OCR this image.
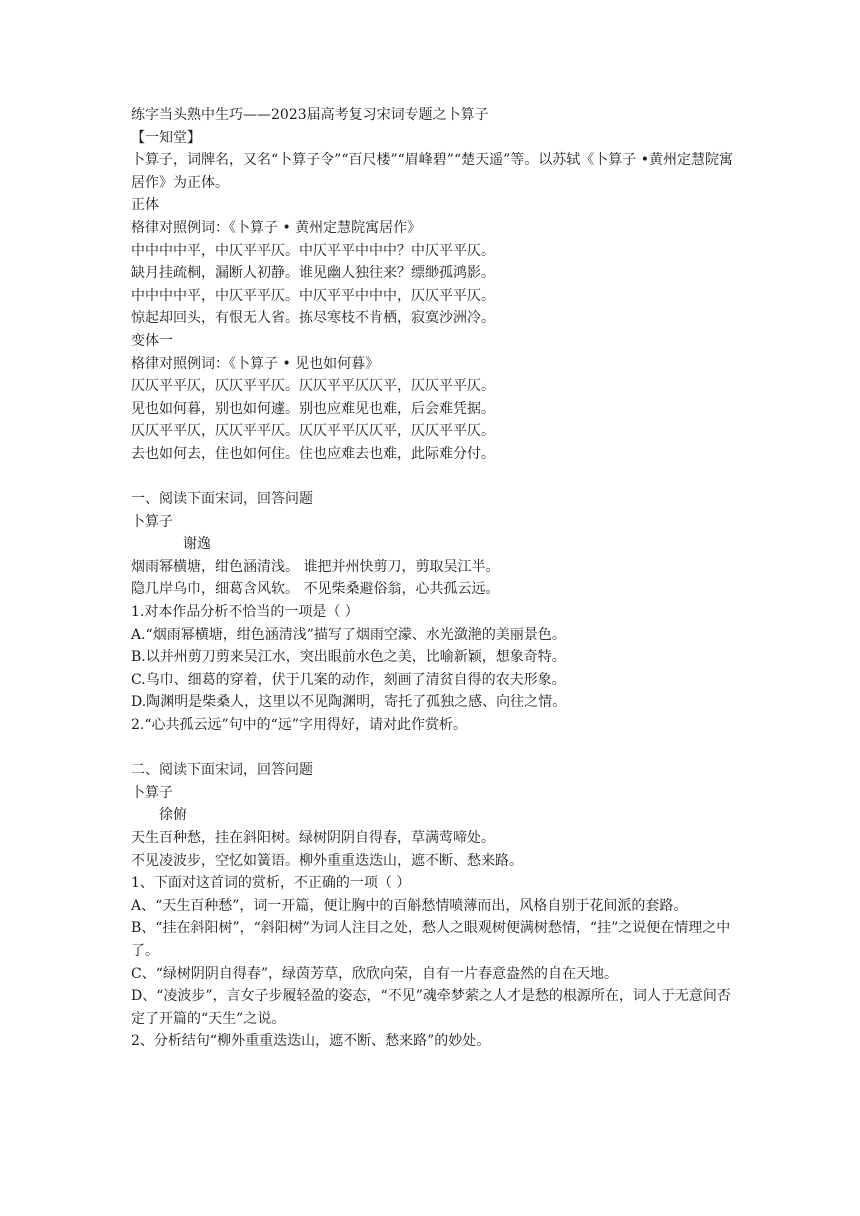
练字当头熟中生巧——2023届高考复习宋词专题之卜算子
【一知堂】
卜算子，词牌名，又名“卜算子令”“百尺楼”“眉峰碧”“楚天遥”等。以苏轼《卜算子 •黄州定慧院寓居作》为正体。
正体
格律对照例词：《卜算子 • 黄州定慧院寓居作》
中中中中平，中仄平平仄。中仄平平中中中？中仄平平仄。
缺月挂疏桐，漏断人初静。谁见幽人独往来？缥缈孤鸿影。
中中中中平，中仄平平仄。中仄平平中中中，仄仄平平仄。
惊起却回头，有恨无人省。拣尽寒枝不肯栖，寂寞沙洲冷。
变体一
格律对照例词：《卜算子 • 见也如何暮》
仄仄平平仄，仄仄平平仄。仄仄平平仄仄平，仄仄平平仄。
见也如何暮，别也如何遽。别也应难见也难，后会难凭据。
仄仄平平仄，仄仄平平仄。仄仄平平仄仄平，仄仄平平仄。
去也如何去，住也如何住。住也应难去也难，此际难分付。
一、阅读下面宋词，回答问题
卜算子
谢逸
烟雨幂横塘，绀色涵清浅。 谁把并州快剪刀，剪取吴江半。
隐几岸乌巾，细葛含风软。 不见柴桑避俗翁，心共孤云远。
1.对本作品分析不恰当的一项是（ ）
A.“烟雨幂横塘，绀色涵清浅”描写了烟雨空濛、水光潋滟的美丽景色。
B.以并州剪刀剪来吴江水，突出眼前水色之美，比喻新颖，想象奇特。
C.乌巾、细葛的穿着，伏于几案的动作，刻画了清贫自得的农夫形象。
D.陶渊明是柴桑人，这里以不见陶渊明，寄托了孤独之感、向往之情。
2.“心共孤云远”句中的“远”字用得好，请对此作赏析。
二、阅读下面宋词，回答问题
卜算子
徐俯
天生百种愁，挂在斜阳树。绿树阴阴自得春，草满莺啼处。
不见凌波步，空忆如簧语。柳外重重迭迭山，遮不断、愁来路。
1、下面对这首词的赏析，不正确的一项（ ）
A、“天生百种愁”，词一开篇，便让胸中的百斛愁情喷薄而出，风格自别于花间派的套路。
B、“挂在斜阳树”，“斜阳树”为词人注目之处，愁人之眼观树便满树愁情，“挂”之说便在情理之中了。
C、“绿树阴阴自得春”，绿茵芳草，欣欣向荣，自有一片春意盎然的自在天地。
D、“凌波步”，言女子步履轻盈的姿态，“不见”魂牵梦萦之人才是愁的根源所在，词人于无意间否定了开篇的“天生”之说。
2、分析结句“柳外重重迭迭山，遮不断、愁来路”的妙处。
